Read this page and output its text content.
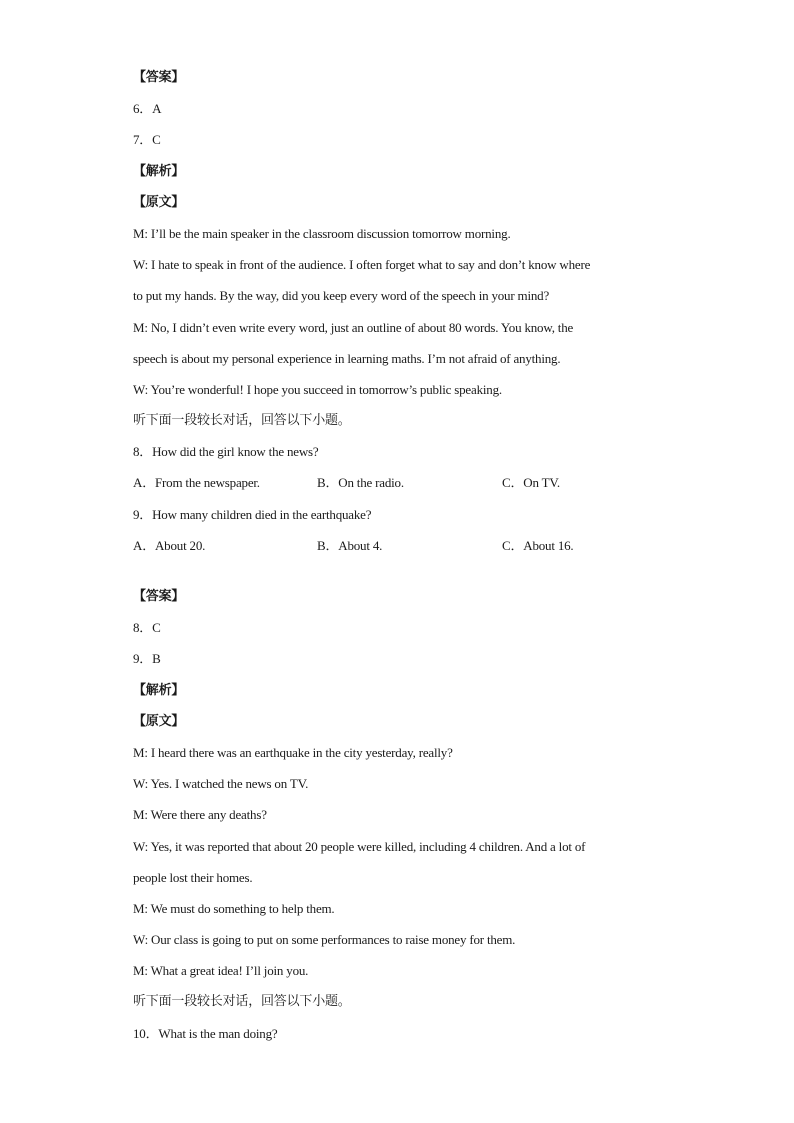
【答案】
6．A
7．C
【解析】
【原文】
M: I’ll be the main speaker in the classroom discussion tomorrow morning.
W: I hate to speak in front of the audience. I often forget what to say and don’t know where
to put my hands. By the way, did you keep every word of the speech in your mind?
M: No, I didn’t even write every word, just an outline of about 80 words. You know, the
speech is about my personal experience in learning maths. I’m not afraid of anything.
W: You’re wonderful! I hope you succeed in tomorrow’s public speaking.
听下面一段较长对话，回答以下小题。
8．How did the girl know the news?
A．From the newspaper.	B．On the radio.	C．On TV.
9．How many children died in the earthquake?
A．About 20.	B．About 4.	C．About 16.
【答案】
8．C
9．B
【解析】
【原文】
M: I heard there was an earthquake in the city yesterday, really?
W: Yes. I watched the news on TV.
M: Were there any deaths?
W: Yes, it was reported that about 20 people were killed, including 4 children. And a lot of
people lost their homes.
M: We must do something to help them.
W: Our class is going to put on some performances to raise money for them.
M: What a great idea! I’ll join you.
听下面一段较长对话，回答以下小题。
10．What is the man doing?
